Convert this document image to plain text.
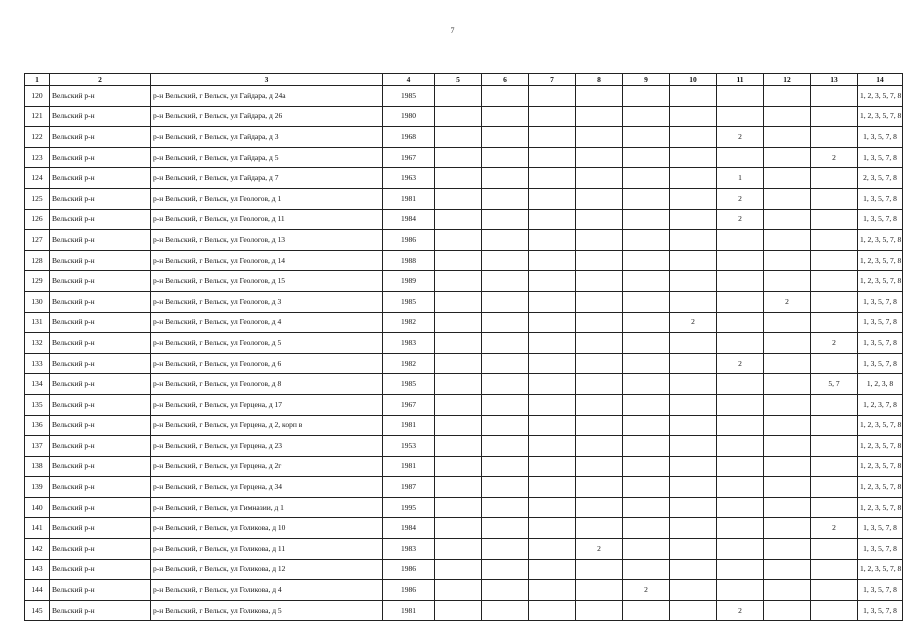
7
1	2	3	4	5	6	7	8	9	10	11	12	13	14
120	Вельский р-н	р-н Вельский, г Вельск, ул Гайдара, д 24а	1985										1, 2, 3, 5, 7, 8
121	Вельский р-н	р-н Вельский, г Вельск, ул Гайдара, д 26	1980										1, 2, 3, 5, 7, 8
122	Вельский р-н	р-н Вельский, г Вельск, ул Гайдара, д 3	1968							2			1, 3, 5, 7, 8
123	Вельский р-н	р-н Вельский, г Вельск, ул Гайдара, д 5	1967									2	1, 3, 5, 7, 8
124	Вельский р-н	р-н Вельский, г Вельск, ул Гайдара, д 7	1963							1			2, 3, 5, 7, 8
125	Вельский р-н	р-н Вельский, г Вельск, ул Геологов, д 1	1981							2			1, 3, 5, 7, 8
126	Вельский р-н	р-н Вельский, г Вельск, ул Геологов, д 11	1984							2			1, 3, 5, 7, 8
127	Вельский р-н	р-н Вельский, г Вельск, ул Геологов, д 13	1986										1, 2, 3, 5, 7, 8
128	Вельский р-н	р-н Вельский, г Вельск, ул Геологов, д 14	1988										1, 2, 3, 5, 7, 8
129	Вельский р-н	р-н Вельский, г Вельск, ул Геологов, д 15	1989										1, 2, 3, 5, 7, 8
130	Вельский р-н	р-н Вельский, г Вельск, ул Геологов, д 3	1985								2		1, 3, 5, 7, 8
131	Вельский р-н	р-н Вельский, г Вельск, ул Геологов, д 4	1982						2				1, 3, 5, 7, 8
132	Вельский р-н	р-н Вельский, г Вельск, ул Геологов, д 5	1983									2	1, 3, 5, 7, 8
133	Вельский р-н	р-н Вельский, г Вельск, ул Геологов, д 6	1982							2			1, 3, 5, 7, 8
134	Вельский р-н	р-н Вельский, г Вельск, ул Геологов, д 8	1985									5, 7	1, 2, 3, 8
135	Вельский р-н	р-н Вельский, г Вельск, ул Герцена, д 17	1967										1, 2, 3, 7, 8
136	Вельский р-н	р-н Вельский, г Вельск, ул Герцена, д 2, корп в	1981										1, 2, 3, 5, 7, 8
137	Вельский р-н	р-н Вельский, г Вельск, ул Герцена, д 23	1953										1, 2, 3, 5, 7, 8
138	Вельский р-н	р-н Вельский, г Вельск, ул Герцена, д 2г	1981										1, 2, 3, 5, 7, 8
139	Вельский р-н	р-н Вельский, г Вельск, ул Герцена, д 34	1987										1, 2, 3, 5, 7, 8
140	Вельский р-н	р-н Вельский, г Вельск, ул Гимназии, д 1	1995										1, 2, 3, 5, 7, 8
141	Вельский р-н	р-н Вельский, г Вельск, ул Голикова, д 10	1984									2	1, 3, 5, 7, 8
142	Вельский р-н	р-н Вельский, г Вельск, ул Голикова, д 11	1983				2						1, 3, 5, 7, 8
143	Вельский р-н	р-н Вельский, г Вельск, ул Голикова, д 12	1986										1, 2, 3, 5, 7, 8
144	Вельский р-н	р-н Вельский, г Вельск, ул Голикова, д 4	1986					2					1, 3, 5, 7, 8
145	Вельский р-н	р-н Вельский, г Вельск, ул Голикова, д 5	1981							2			1, 3, 5, 7, 8
